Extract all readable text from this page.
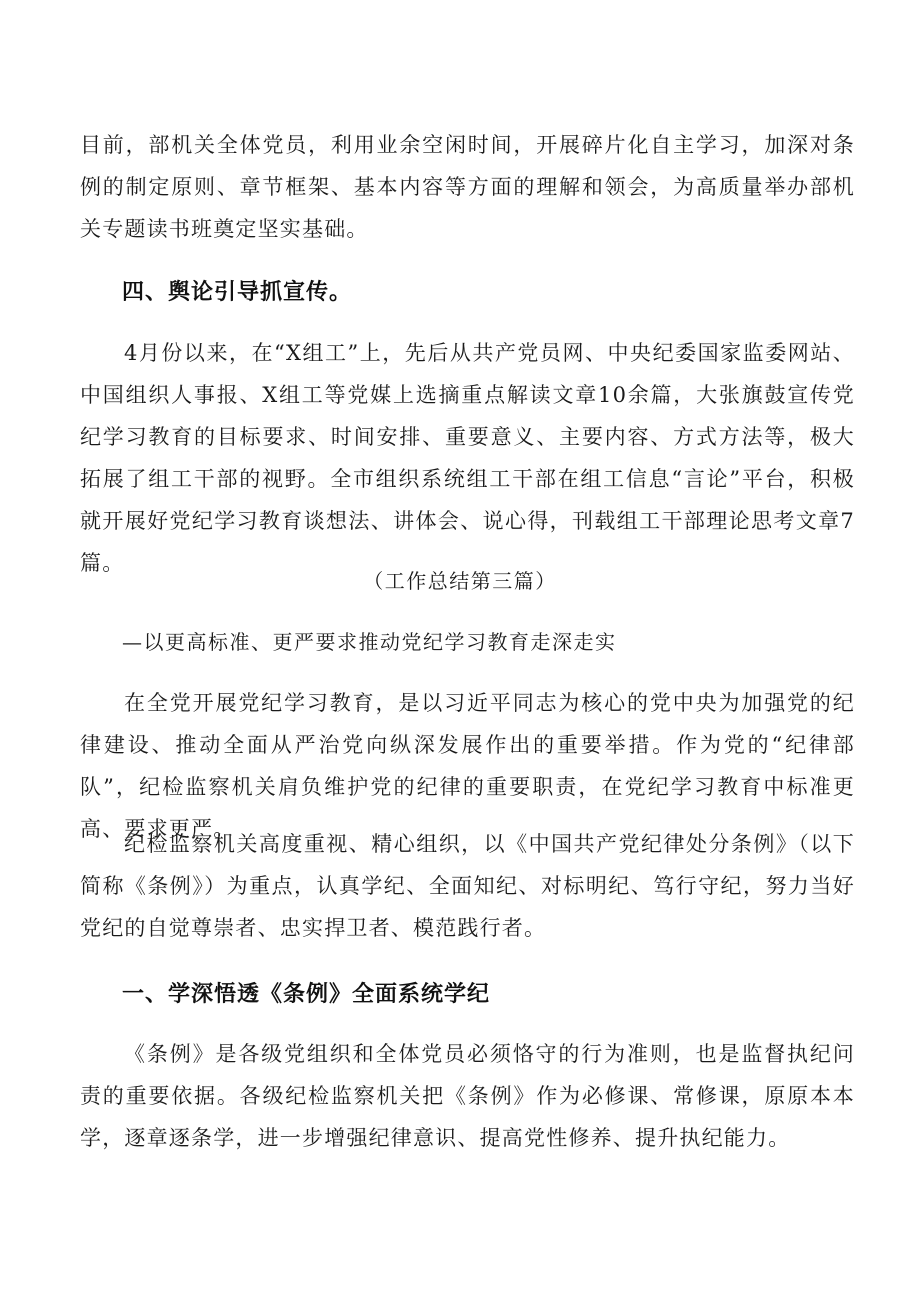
目前，部机关全体党员，利用业余空闲时间，开展碎片化自主学习，加深对条例的制定原则、章节框架、基本内容等方面的理解和领会，为高质量举办部机关专题读书班奠定坚实基础。

四、舆论引导抓宣传。

4月份以来，在“X组工”上，先后从共产党员网、中央纪委国家监委网站、中国组织人事报、X组工等党媒上选摘重点解读文章10余篇，大张旗鼓宣传党纪学习教育的目标要求、时间安排、重要意义、主要内容、方式方法等，极大拓展了组工干部的视野。全市组织系统组工干部在组工信息“言论”平台，积极就开展好党纪学习教育谈想法、讲体会、说心得，刊载组工干部理论思考文章7篇。

（工作总结第三篇）

—以更高标准、更严要求推动党纪学习教育走深走实

在全党开展党纪学习教育，是以习近平同志为核心的党中央为加强党的纪律建设、推动全面从严治党向纵深发展作出的重要举措。作为党的“纪律部队”，纪检监察机关肩负维护党的纪律的重要职责，在党纪学习教育中标准更高、要求更严。

纪检监察机关高度重视、精心组织，以《中国共产党纪律处分条例》（以下简称《条例》）为重点，认真学纪、全面知纪、对标明纪、笃行守纪，努力当好党纪的自觉尊崇者、忠实捍卫者、模范践行者。

一、学深悟透《条例》全面系统学纪

《条例》是各级党组织和全体党员必须恪守的行为准则，也是监督执纪问责的重要依据。各级纪检监察机关把《条例》作为必修课、常修课，原原本本学，逐章逐条学，进一步增强纪律意识、提高党性修养、提升执纪能力。
